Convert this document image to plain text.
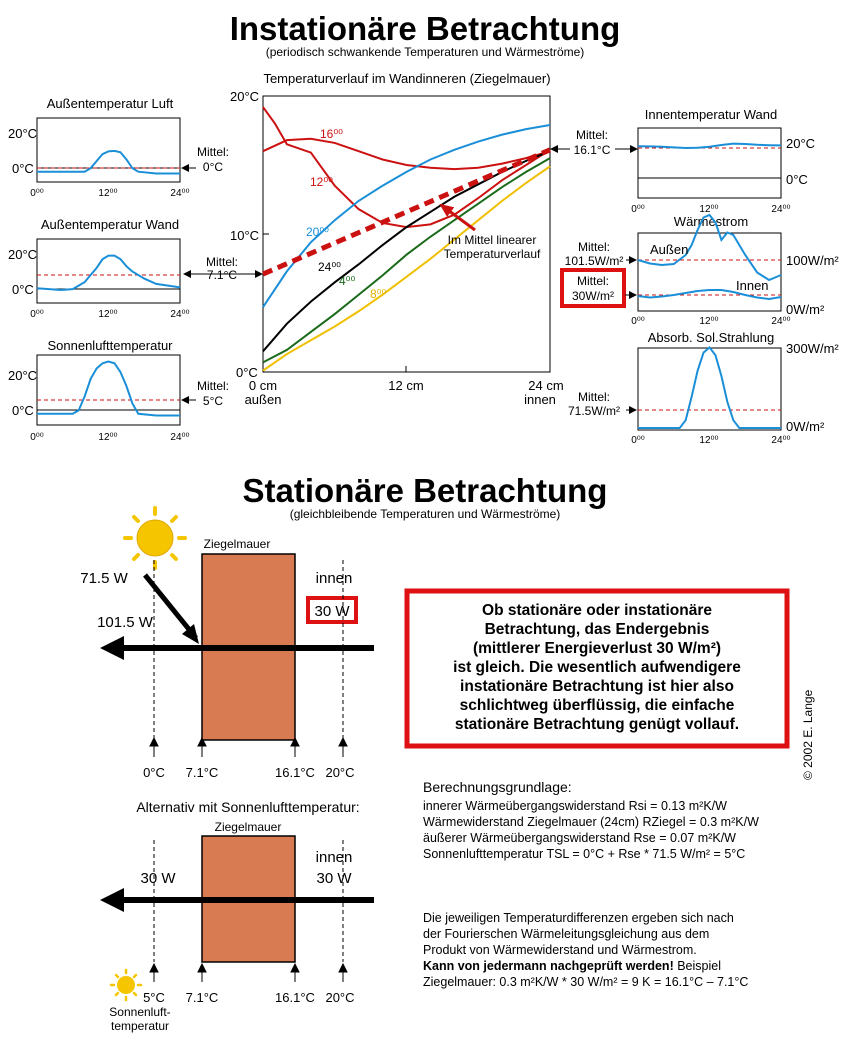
Instationäre Betrachtung
(periodisch schwankende Temperaturen und Wärmeströme)
Temperaturverlauf im Wandinneren (Ziegelmauer)
20°C
10°C
0°C
0 cm
außen
12 cm	24 cm
innen
16⁰⁰
12⁰⁰
20⁰⁰
24⁰⁰
4⁰⁰
8⁰⁰
Im Mittel linearer
Temperaturverlauf
Mittel:
7.1°C
Mittel:
16.1°C
Außentemperatur Luft
20°C
0°C
0⁰⁰	12⁰⁰	24⁰⁰
Mittel:
0°C
Außentemperatur Wand
20°C
0°C
0⁰⁰	12⁰⁰	24⁰⁰
Sonnenlufttemperatur
20°C
0°C
0⁰⁰	12⁰⁰	24⁰⁰
Mittel:
5°C
Innentemperatur Wand
20°C
0°C
0⁰⁰	12⁰⁰	24⁰⁰
Wärmestrom
Außen
Innen
100W/m²
0W/m²
0⁰⁰	12⁰⁰	24⁰⁰
Mittel:
101.5W/m²
Mittel:
30W/m²
Absorb. Sol.Strahlung
300W/m²
0W/m²
0⁰⁰	12⁰⁰	24⁰⁰
Mittel:
71.5W/m²
Stationäre Betrachtung
(gleichbleibende Temperaturen und Wärmeströme)
Ziegelmauer
71.5 W
101.5 W
innen
30 W
0°C 7.1°C	16.1°C 20°C
Alternativ mit Sonnenlufttemperatur:
Ziegelmauer
30 W
innen
30 W
5°C 7.1°C	16.1°C 20°C
Sonnenluft-
temperatur
Ob stationäre oder instationäre
Betrachtung, das Endergebnis
(mittlerer Energieverlust 30 W/m²)
ist gleich. Die wesentlich aufwendigere
instationäre Betrachtung ist hier also
schlichtweg überflüssig, die einfache
stationäre Betrachtung genügt vollauf.	© 2002 E. Lange
Berechnungsgrundlage:
innerer Wärmeübergangswiderstand Rsi = 0.13 m²K/W
Wärmewiderstand Ziegelmauer (24cm) RZiegel = 0.3 m²K/W
äußerer Wärmeübergangswiderstand Rse = 0.07 m²K/W
Sonnenlufttemperatur TSL = 0°C + Rse * 71.5 W/m² = 5°C
Die jeweiligen Temperaturdifferenzen ergeben sich nach
der Fourierschen Wärmeleitungsgleichung aus dem
Produkt von Wärmewiderstand und Wärmestrom.
Kann von jedermann nachgeprüft werden! Beispiel
Ziegelmauer: 0.3 m²K/W * 30 W/m² = 9 K = 16.1°C – 7.1°C
